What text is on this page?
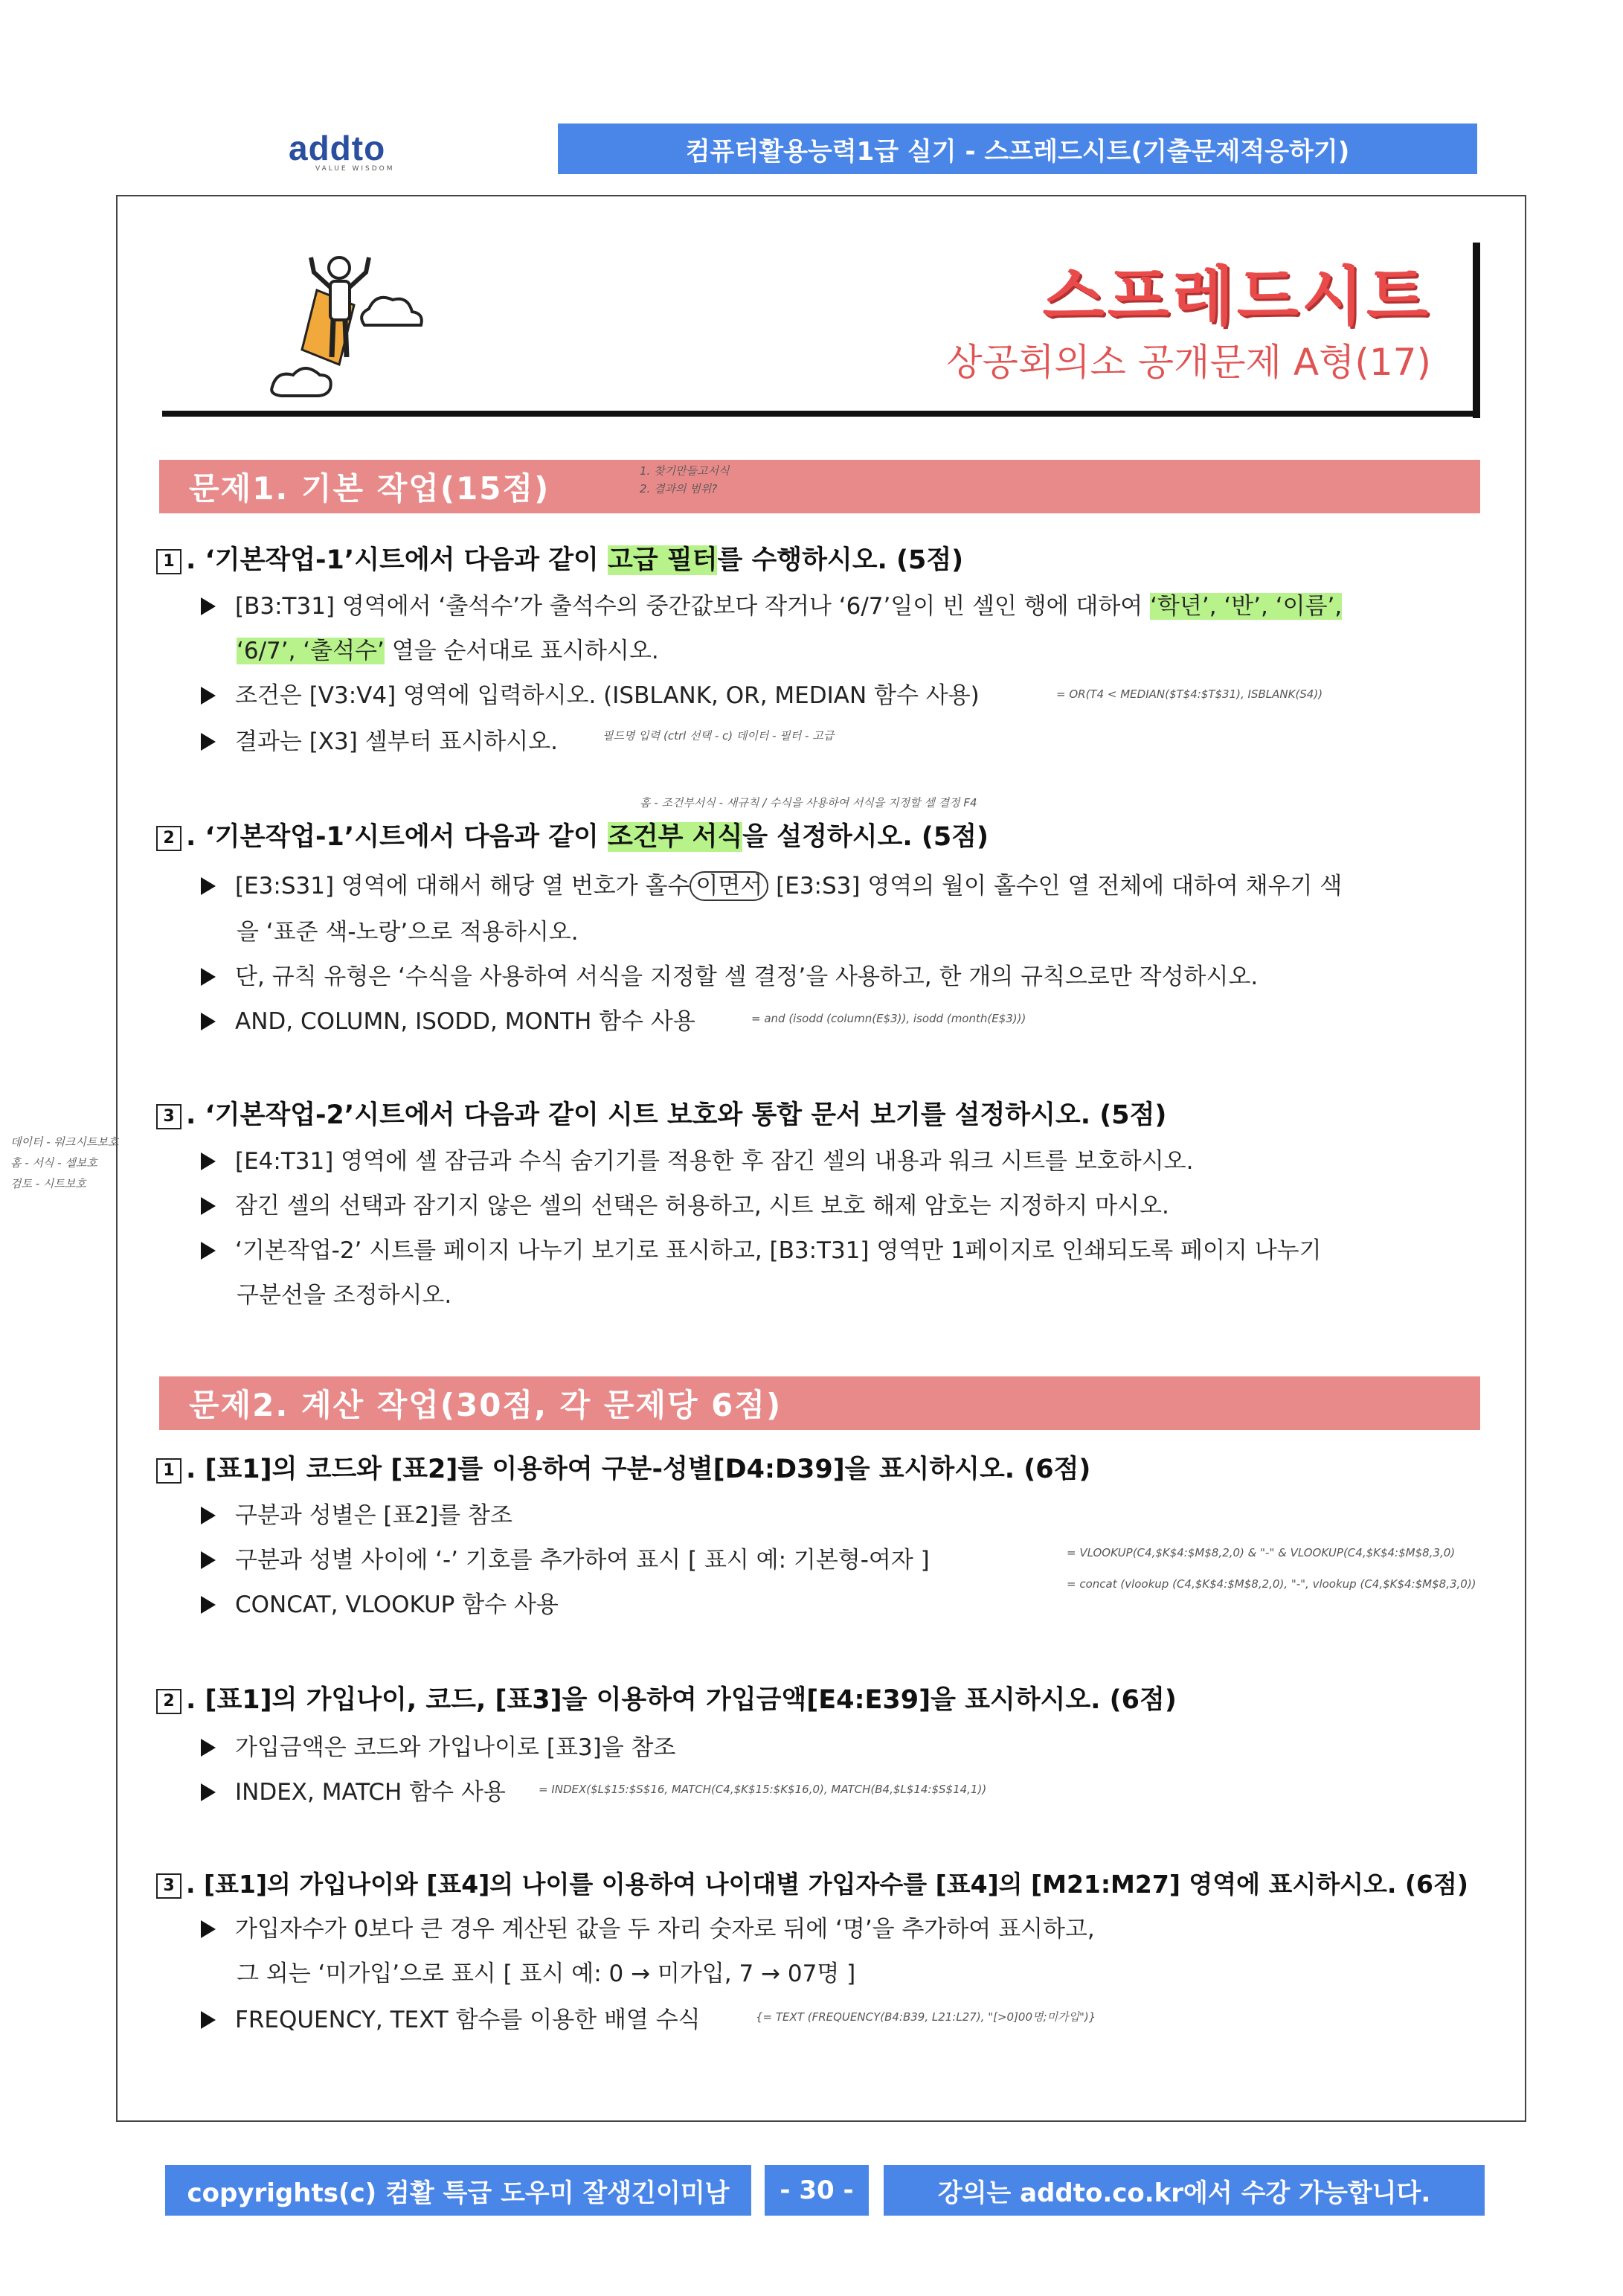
addto
VALUE WISDOM
컴퓨터활용능력1급 실기 - 스프레드시트(기출문제적응하기)
스프레드시트
상공회의소 공개문제 A형(17)
문제1. 기본 작업(15점)	1. 찾기만들고서식
2. 결과의 범위?
1 . ‘기본작업-1’시트에서 다음과 같이 고급 필터를 수행하시오. (5점)
[B3:T31] 영역에서 ‘출석수’가 출석수의 중간값보다 작거나 ‘6/7’일이 빈 셀인 행에 대하여 ‘학년’, ‘반’, ‘이름’,
‘6/7’, ‘출석수’ 열을 순서대로 표시하시오.
조건은 [V3:V4] 영역에 입력하시오. (ISBLANK, OR, MEDIAN 함수 사용)	= OR(T4 < MEDIAN($T$4:$T$31), ISBLANK(S4))
결과는 [X3] 셀부터 표시하시오.	필드명 입력 (ctrl 선택 - c) 데이터 - 필터 - 고급
홈 - 조건부서식 - 새규칙 / 수식을 사용하여 서식을 지정할 셀 결정 F4
2 . ‘기본작업-1’시트에서 다음과 같이 조건부 서식을 설정하시오. (5점)
[E3:S31] 영역에 대해서 해당 열 번호가 홀수 이면서 [E3:S3] 영역의 월이 홀수인 열 전체에 대하여 채우기 색
을 ‘표준 색-노랑’으로 적용하시오.
단, 규칙 유형은 ‘수식을 사용하여 서식을 지정할 셀 결정’을 사용하고, 한 개의 규칙으로만 작성하시오.
AND, COLUMN, ISODD, MONTH 함수 사용	= and (isodd (column(E$3)), isodd (month(E$3)))
데이터 - 워크시트보호
홈 - 서식 - 셀보호
검토 - 시트보호
3 . ‘기본작업-2’시트에서 다음과 같이 시트 보호와 통합 문서 보기를 설정하시오. (5점)
[E4:T31] 영역에 셀 잠금과 수식 숨기기를 적용한 후 잠긴 셀의 내용과 워크 시트를 보호하시오.
잠긴 셀의 선택과 잠기지 않은 셀의 선택은 허용하고, 시트 보호 해제 암호는 지정하지 마시오.
‘기본작업-2’ 시트를 페이지 나누기 보기로 표시하고, [B3:T31] 영역만 1페이지로 인쇄되도록 페이지 나누기
구분선을 조정하시오.
문제2. 계산 작업(30점, 각 문제당 6점)
1 . [표1]의 코드와 [표2]를 이용하여 구분-성별[D4:D39]을 표시하시오. (6점)
구분과 성별은 [표2]를 참조
구분과 성별 사이에 ‘-’ 기호를 추가하여 표시 [ 표시 예: 기본형-여자 ]	= VLOOKUP(C4,$K$4:$M$8,2,0) & "-" & VLOOKUP(C4,$K$4:$M$8,3,0)
= concat (vlookup (C4,$K$4:$M$8,2,0), "-", vlookup (C4,$K$4:$M$8,3,0))
CONCAT, VLOOKUP 함수 사용
2 . [표1]의 가입나이, 코드, [표3]을 이용하여 가입금액[E4:E39]을 표시하시오. (6점)
가입금액은 코드와 가입나이로 [표3]을 참조
INDEX, MATCH 함수 사용	= INDEX($L$15:$S$16, MATCH(C4,$K$15:$K$16,0), MATCH(B4,$L$14:$S$14,1))
3 . [표1]의 가입나이와 [표4]의 나이를 이용하여 나이대별 가입자수를 [표4]의 [M21:M27] 영역에 표시하시오. (6점)
가입자수가 0보다 큰 경우 계산된 값을 두 자리 숫자로 뒤에 ‘명’을 추가하여 표시하고,
그 외는 ‘미가입’으로 표시 [ 표시 예: 0 → 미가입, 7 → 07명 ]
FREQUENCY, TEXT 함수를 이용한 배열 수식	{= TEXT (FREQUENCY(B4:B39, L21:L27), "[>0]00명;미가입")}
copyrights(c) 컴활 특급 도우미 잘생긴이미남	- 30 -	강의는 addto.co.kr에서 수강 가능합니다.
